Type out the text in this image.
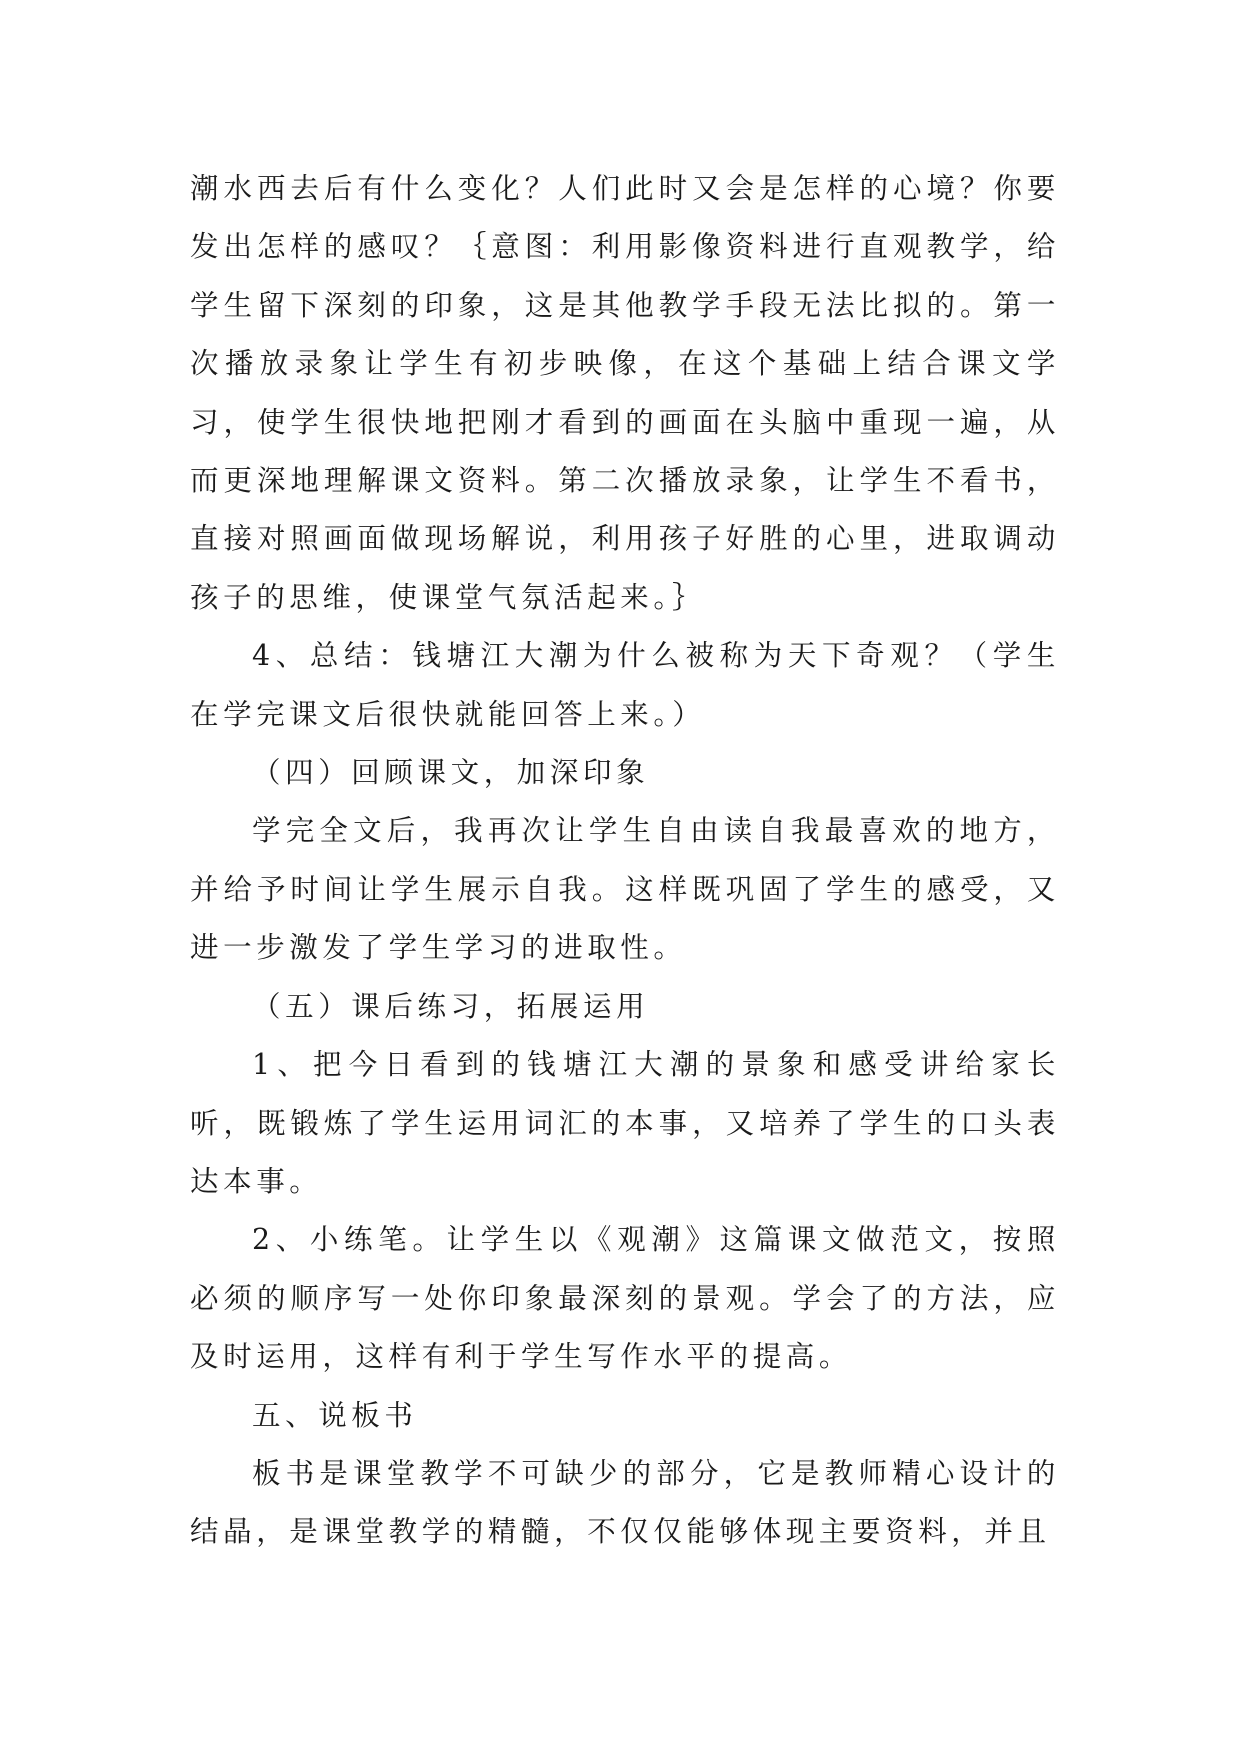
潮水西去后有什么变化？人们此时又会是怎样的心境？你要发出怎样的感叹？｛意图：利用影像资料进行直观教学，给学生留下深刻的印象，这是其他教学手段无法比拟的。第一次播放录象让学生有初步映像，在这个基础上结合课文学习，使学生很快地把刚才看到的画面在头脑中重现一遍，从而更深地理解课文资料。第二次播放录象，让学生不看书，直接对照画面做现场解说，利用孩子好胜的心里，进取调动孩子的思维，使课堂气氛活起来。｝

4、总结：钱塘江大潮为什么被称为天下奇观？（学生在学完课文后很快就能回答上来。）

（四）回顾课文，加深印象

学完全文后，我再次让学生自由读自我最喜欢的地方，并给予时间让学生展示自我。这样既巩固了学生的感受，又进一步激发了学生学习的进取性。

（五）课后练习，拓展运用

1、把今日看到的钱塘江大潮的景象和感受讲给家长听，既锻炼了学生运用词汇的本事，又培养了学生的口头表达本事。

2、小练笔。让学生以《观潮》这篇课文做范文，按照必须的顺序写一处你印象最深刻的景观。学会了的方法，应及时运用，这样有利于学生写作水平的提高。

五、说板书

板书是课堂教学不可缺少的部分，它是教师精心设计的结晶，是课堂教学的精髓，不仅仅能够体现主要资料，并且
